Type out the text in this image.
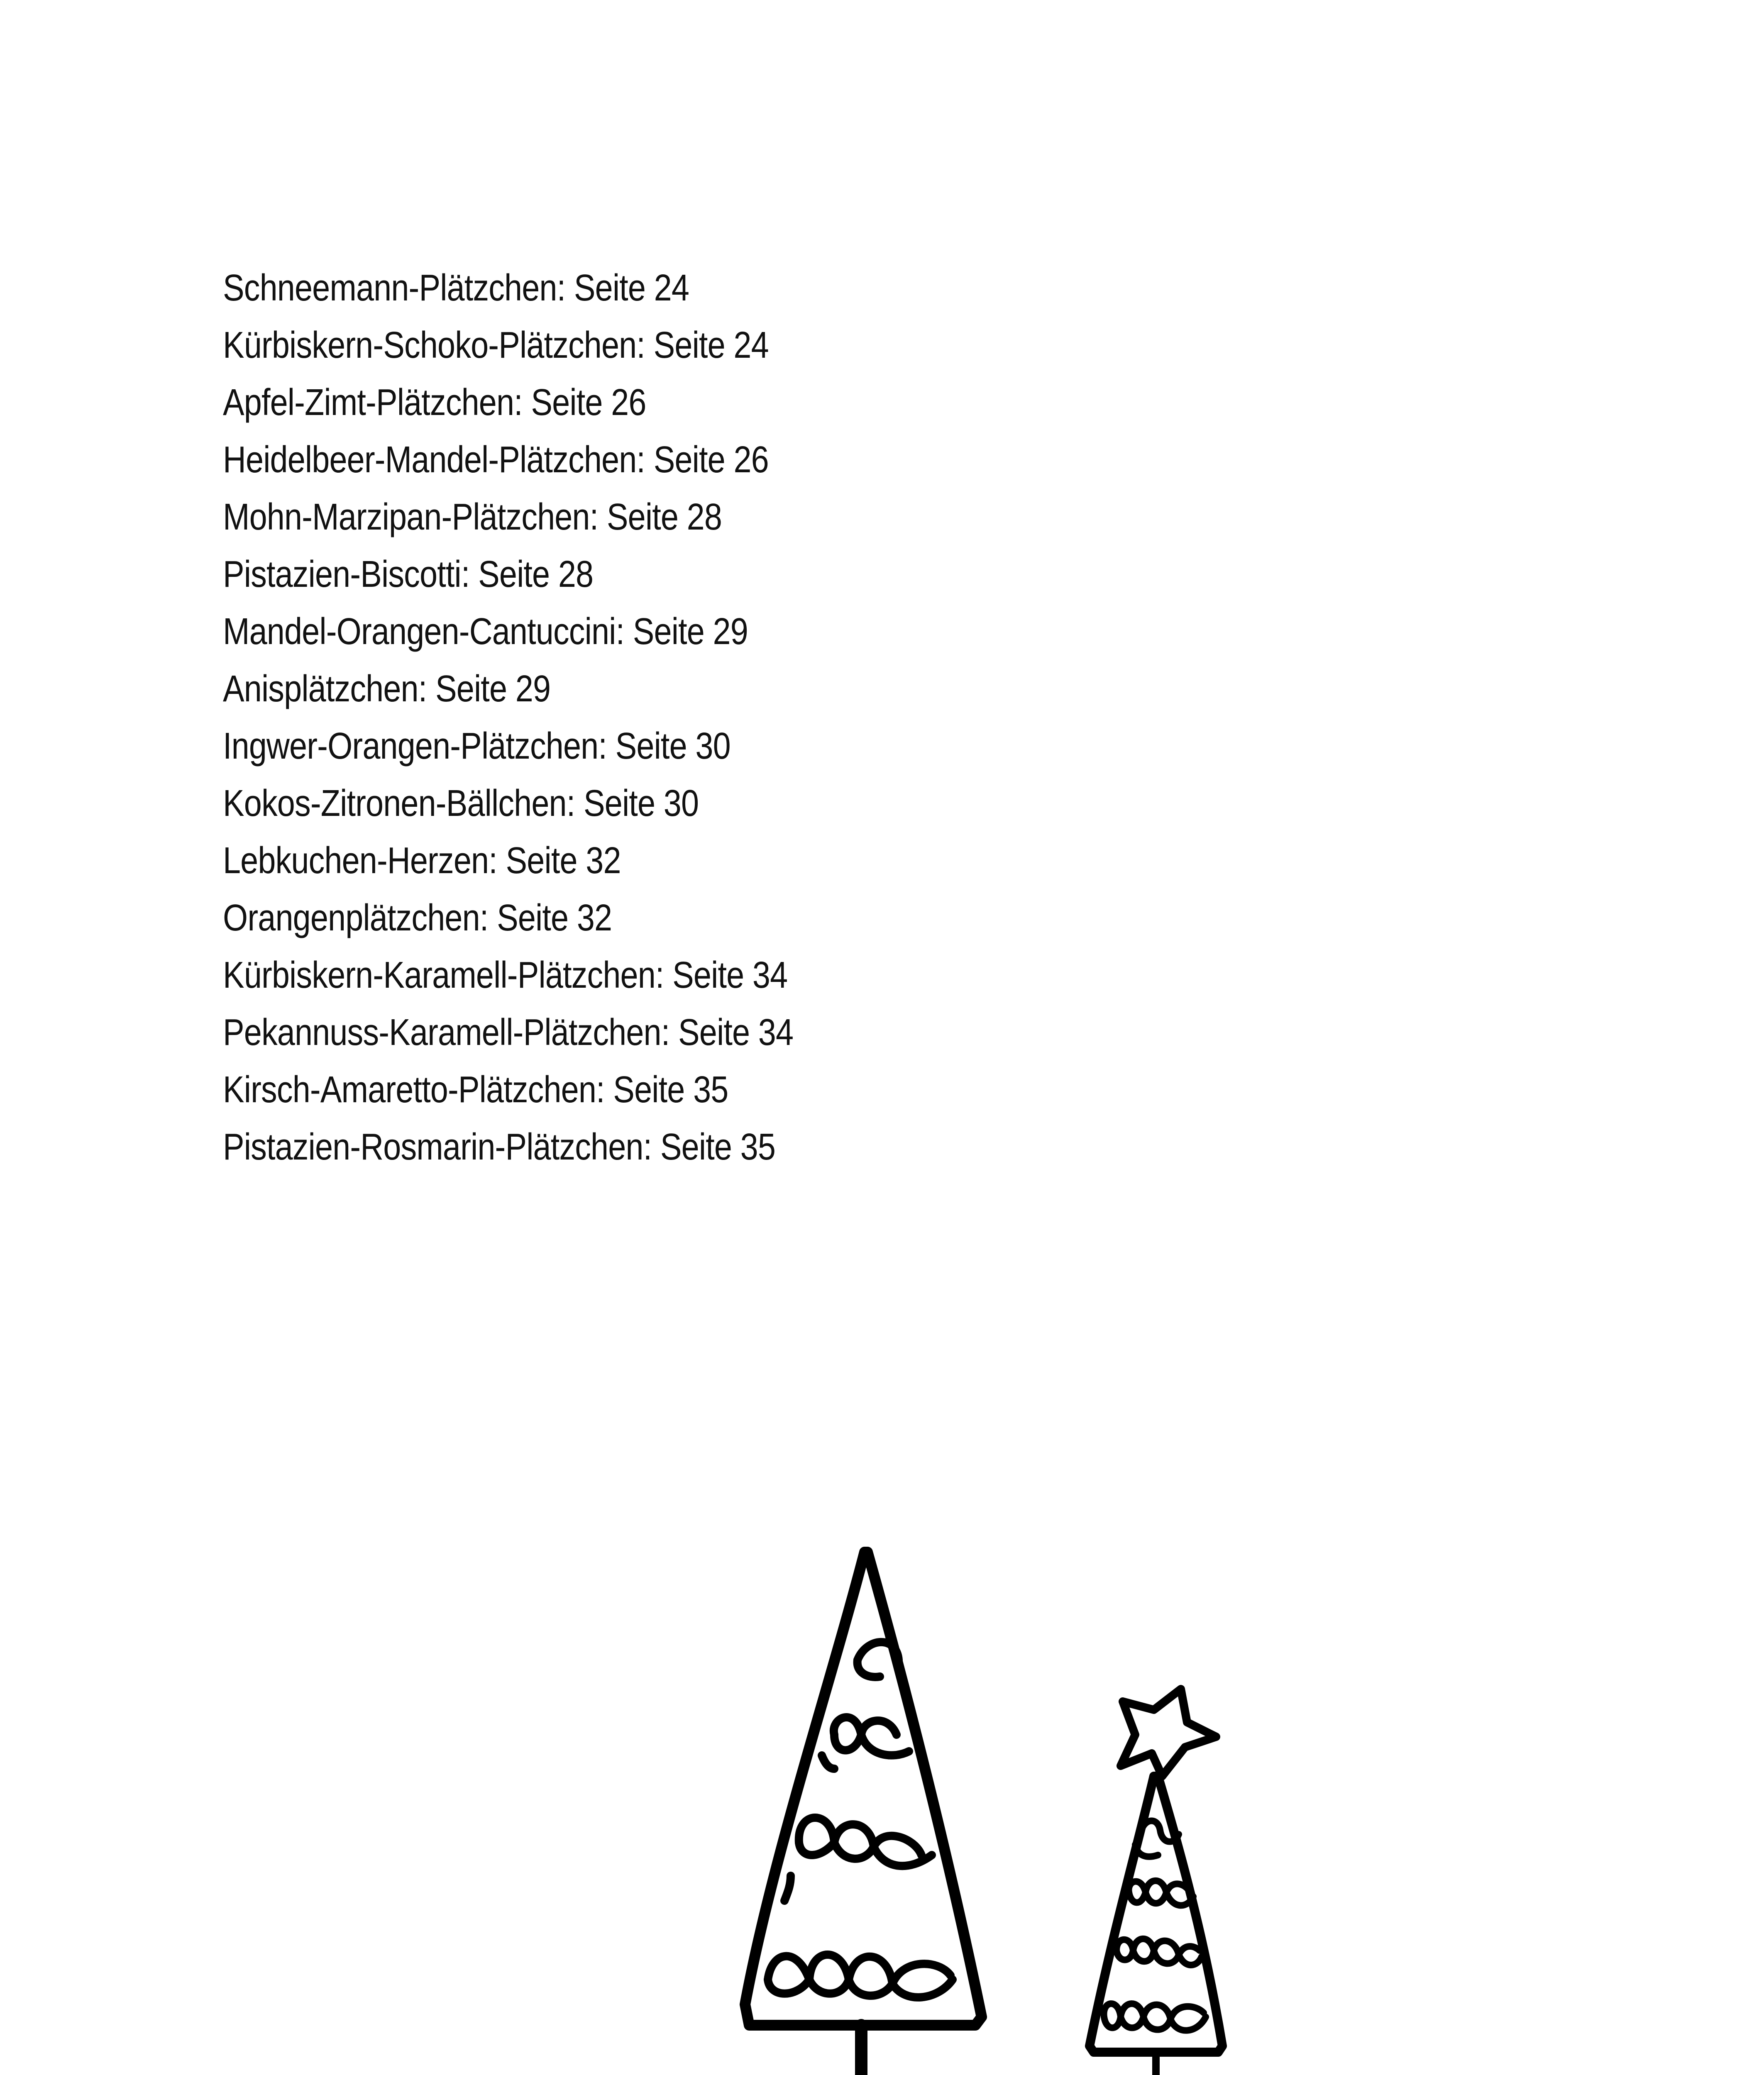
Schneemann-Plätzchen: Seite 24
Kürbiskern-Schoko-Plätzchen: Seite 24
Apfel-Zimt-Plätzchen: Seite 26
Heidelbeer-Mandel-Plätzchen: Seite 26
Mohn-Marzipan-Plätzchen: Seite 28
Pistazien-Biscotti: Seite 28
Mandel-Orangen-Cantuccini: Seite 29
Anisplätzchen: Seite 29
Ingwer-Orangen-Plätzchen: Seite 30
Kokos-Zitronen-Bällchen: Seite 30
Lebkuchen-Herzen: Seite 32
Orangenplätzchen: Seite 32
Kürbiskern-Karamell-Plätzchen: Seite 34
Pekannuss-Karamell-Plätzchen: Seite 34
Kirsch-Amaretto-Plätzchen: Seite 35
Pistazien-Rosmarin-Plätzchen: Seite 35
